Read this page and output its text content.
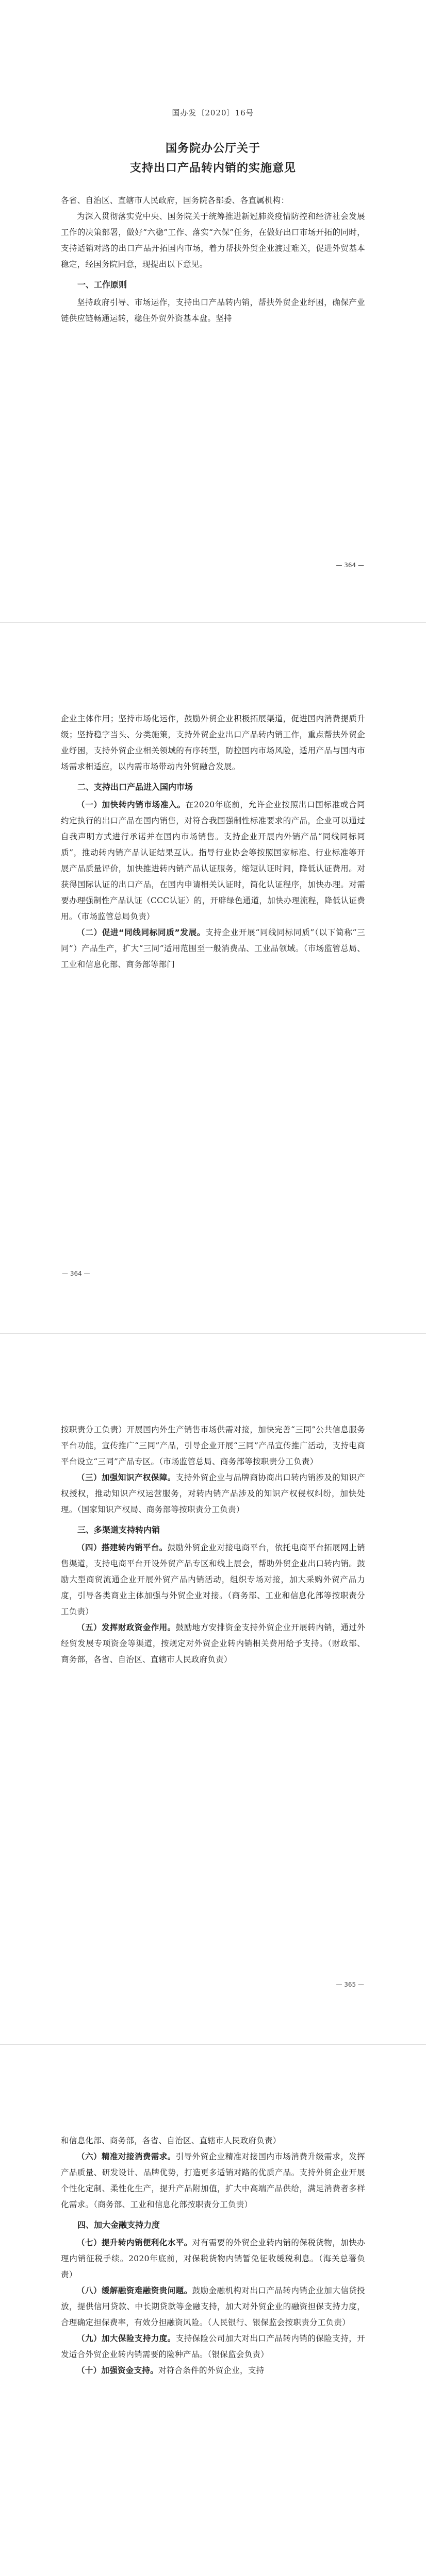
国办发〔2020〕16号

国务院办公厅关于

支持出口产品转内销的实施意见

各省、自治区、直辖市人民政府，国务院各部委、各直属机构：

为深入贯彻落实党中央、国务院关于统筹推进新冠肺炎疫情防控和经济社会发展工作的决策部署，做好“六稳”工作、落实“六保”任务，在做好出口市场开拓的同时，支持适销对路的出口产品开拓国内市场，着力帮扶外贸企业渡过难关，促进外贸基本稳定，经国务院同意，现提出以下意见。

一、工作原则

坚持政府引导、市场运作，支持出口产品转内销，帮扶外贸企业纾困，确保产业链供应链畅通运转，稳住外贸外资基本盘。坚持

— 364 —

企业主体作用；坚持市场化运作，鼓励外贸企业积极拓展渠道，促进国内消费提质升级；坚持稳字当头、分类施策，支持外贸企业出口产品转内销工作，重点帮扶外贸企业纾困，支持外贸企业相关领域的有序转型，防控国内市场风险，适用产品与国内市场需求相适应，以内需市场带动内外贸融合发展。

二、支持出口产品进入国内市场

（一）加快转内销市场准入。在2020年底前，允许企业按照出口国标准或合同约定执行的出口产品在国内销售，对符合我国强制性标准要求的产品，企业可以通过自我声明方式进行承诺并在国内市场销售。支持企业开展内外销产品“同线同标同质”，推动转内销产品认证结果互认。指导行业协会等按照国家标准、行业标准等开展产品质量评价，加快推进转内销产品认证服务，缩短认证时间，降低认证费用。对获得国际认证的出口产品，在国内申请相关认证时，简化认证程序，加快办理。对需要办理强制性产品认证（CCC认证）的，开辟绿色通道，加快办理流程，降低认证费用。（市场监管总局负责）

（二）促进“同线同标同质”发展。支持企业开展“同线同标同质”（以下简称“三同”）产品生产，扩大“三同”适用范围至一般消费品、工业品领域。（市场监管总局、工业和信息化部、商务部等部门

— 364 —

按职责分工负责）开展国内外生产销售市场供需对接，加快完善“三同”公共信息服务平台功能，宣传推广“三同”产品，引导企业开展“三同”产品宣传推广活动，支持电商平台设立“三同”产品专区。（市场监管总局、商务部等按职责分工负责）

（三）加强知识产权保障。支持外贸企业与品牌商协商出口转内销涉及的知识产权授权，推动知识产权运营服务，对转内销产品涉及的知识产权侵权纠纷，加快处理。（国家知识产权局、商务部等按职责分工负责）

三、多渠道支持转内销

（四）搭建转内销平台。鼓励外贸企业对接电商平台，依托电商平台拓展网上销售渠道，支持电商平台开设外贸产品专区和线上展会，帮助外贸企业出口转内销。鼓励大型商贸流通企业开展外贸产品内销活动，组织专场对接，加大采购外贸产品力度，引导各类商业主体加强与外贸企业对接。（商务部、工业和信息化部等按职责分工负责）

（五）发挥财政资金作用。鼓励地方安排资金支持外贸企业开展转内销，通过外经贸发展专项资金等渠道，按规定对外贸企业转内销相关费用给予支持。（财政部、商务部，各省、自治区、直辖市人民政府负责）

— 365 —

和信息化部、商务部，各省、自治区、直辖市人民政府负责）

（六）精准对接消费需求。引导外贸企业精准对接国内市场消费升级需求，发挥产品质量、研发设计、品牌优势，打造更多适销对路的优质产品。支持外贸企业开展个性化定制、柔性化生产，提升产品附加值，扩大中高端产品供给，满足消费者多样化需求。（商务部、工业和信息化部按职责分工负责）

四、加大金融支持力度

（七）提升转内销便利化水平。对有需要的外贸企业转内销的保税货物，加快办理内销征税手续。2020年底前，对保税货物内销暂免征收缓税利息。（海关总署负责）

（八）缓解融资难融资贵问题。鼓励金融机构对出口产品转内销企业加大信贷投放，提供信用贷款、中长期贷款等金融支持，加大对外贸企业的融资担保支持力度，合理确定担保费率，有效分担融资风险。（人民银行、银保监会按职责分工负责）

（九）加大保险支持力度。支持保险公司加大对出口产品转内销的保险支持，开发适合外贸企业转内销需要的险种产品。（银保监会负责）

（十）加强资金支持。对符合条件的外贸企业，支持
